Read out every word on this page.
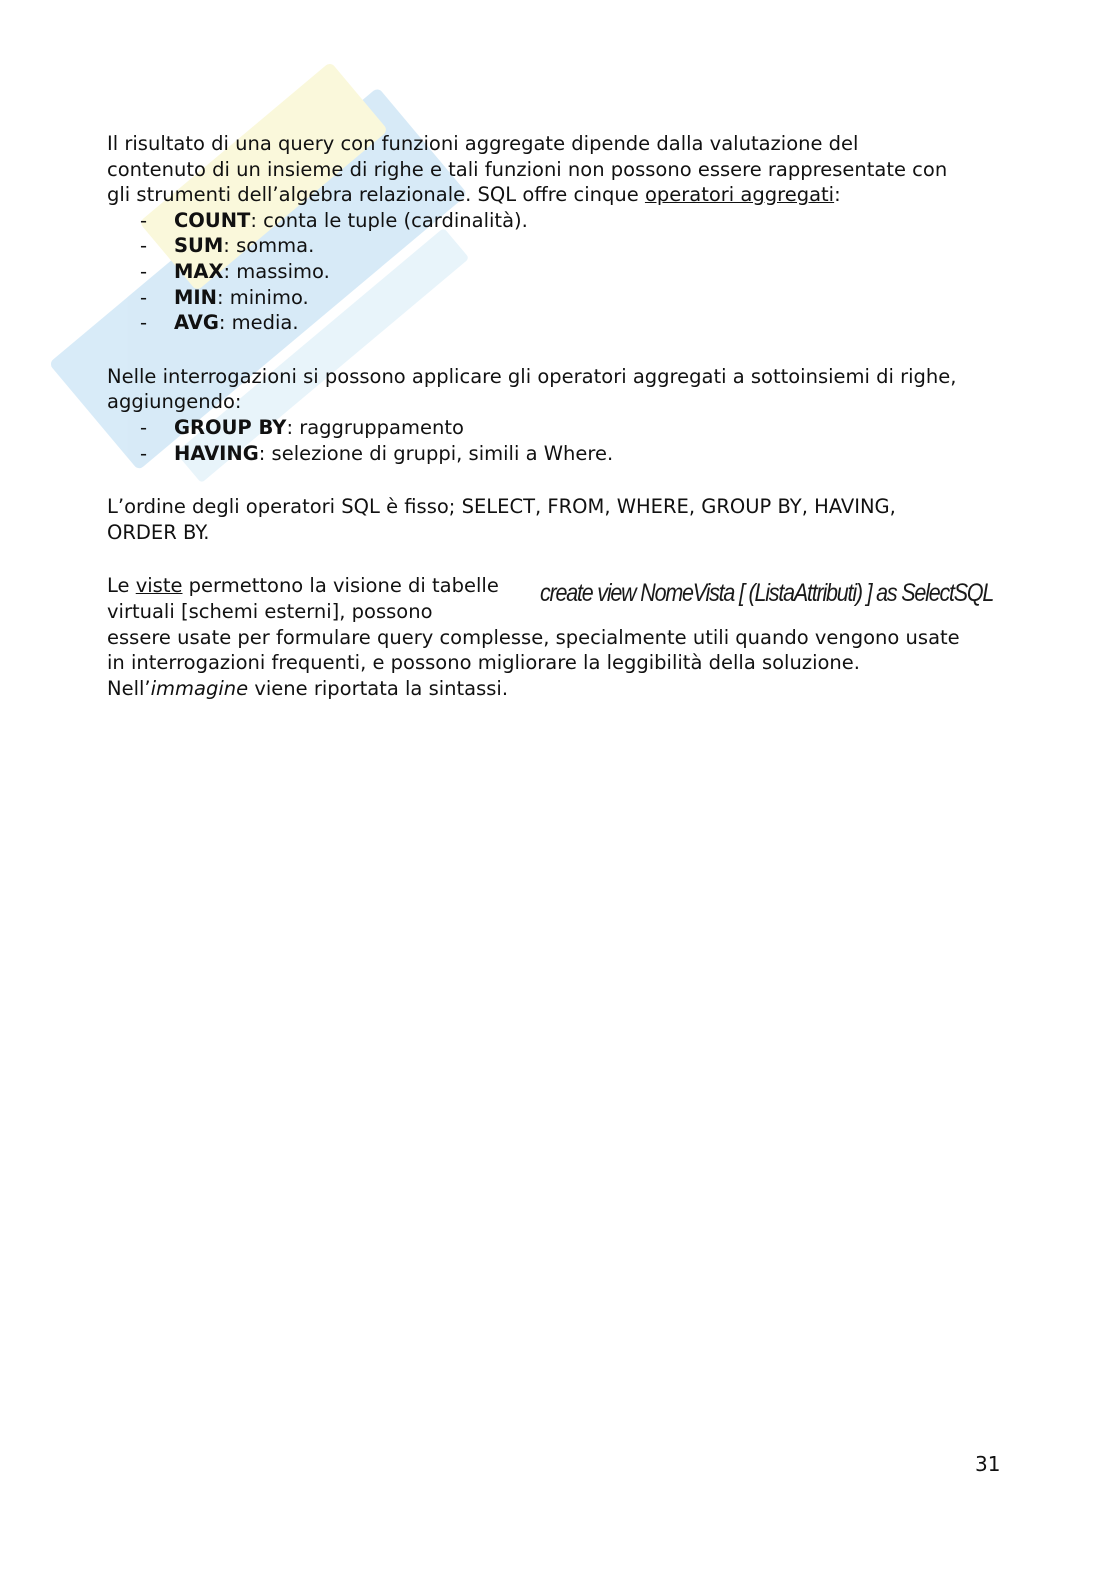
Il risultato di una query con funzioni aggregate dipende dalla valutazione del
contenuto di un insieme di righe e tali funzioni non possono essere rappresentate con
gli strumenti dell’algebra relazionale. SQL offre cinque operatori aggregati:

- COUNT: conta le tuple (cardinalità).
- SUM: somma.
- MAX: massimo.
- MIN: minimo.
- AVG: media.

Nelle interrogazioni si possono applicare gli operatori aggregati a sottoinsiemi di righe,
aggiungendo:

- GROUP BY: raggruppamento
- HAVING: selezione di gruppi, simili a Where.

L’ordine degli operatori SQL è fisso; SELECT, FROM, WHERE, GROUP BY, HAVING,
ORDER BY.

Le viste permettono la visione di tabelle
virtuali [schemi esterni], possono
essere usate per formulare query complesse, specialmente utili quando vengono usate
in interrogazioni frequenti, e possono migliorare la leggibilità della soluzione.
Nell’immagine viene riportata la sintassi.

create view NomeVista [ (ListaAttributi) ] as SelectSQL
31
